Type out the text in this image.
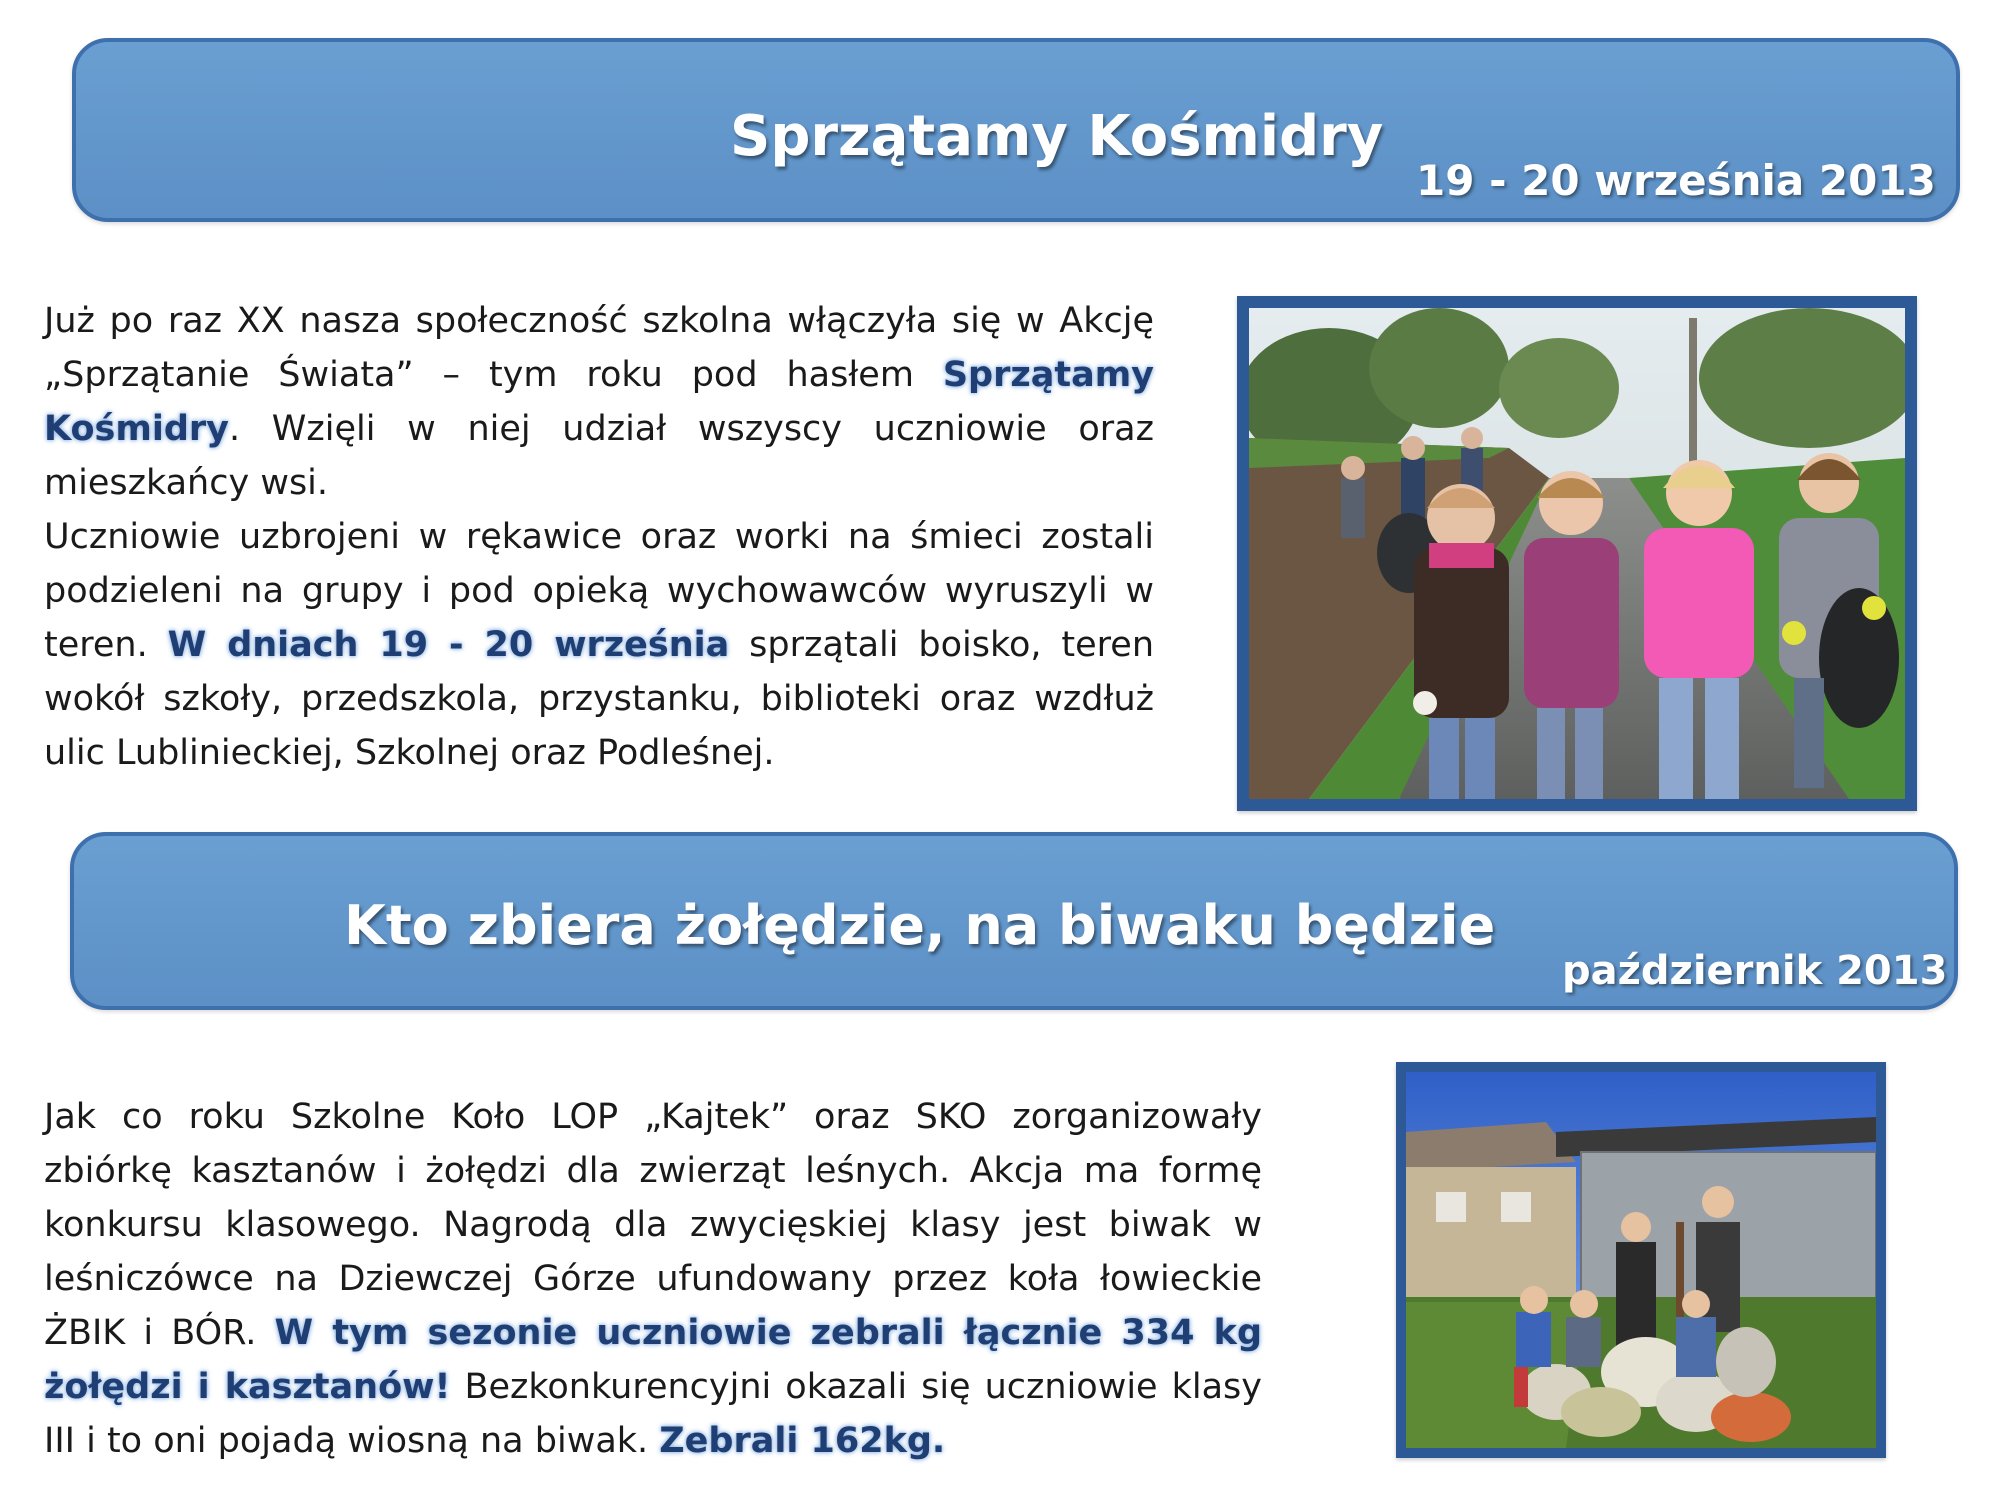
Sprzątamy Kośmidry
19 - 20 września 2013
Już po raz XX nasza społeczność szkolna włączyła się w Akcję „Sprzątanie Świata” – tym roku pod hasłem Sprzątamy Kośmidry. Wzięli w niej udział wszyscy uczniowie oraz mieszkańcy wsi.
Uczniowie uzbrojeni w rękawice oraz worki na śmieci zostali podzieleni na grupy i pod opieką wychowawców wyruszyli w teren. W dniach 19 - 20 września sprzątali boisko, teren wokół szkoły, przedszkola, przystanku, biblioteki oraz wzdłuż ulic Lublinieckiej, Szkolnej oraz Podleśnej.
Kto zbiera żołędzie, na biwaku będzie
październik 2013
Jak co roku Szkolne Koło LOP „Kajtek” oraz SKO zorganizowały zbiórkę kasztanów i żołędzi dla zwierząt leśnych. Akcja ma formę konkursu klasowego. Nagrodą dla zwycięskiej klasy jest biwak w leśniczówce na Dziewczej Górze ufundowany przez koła łowieckie ŻBIK i BÓR. W tym sezonie uczniowie zebrali łącznie 334 kg żołędzi i kasztanów! Bezkonkurencyjni okazali się uczniowie klasy III i to oni pojadą wiosną na biwak. Zebrali 162kg.
